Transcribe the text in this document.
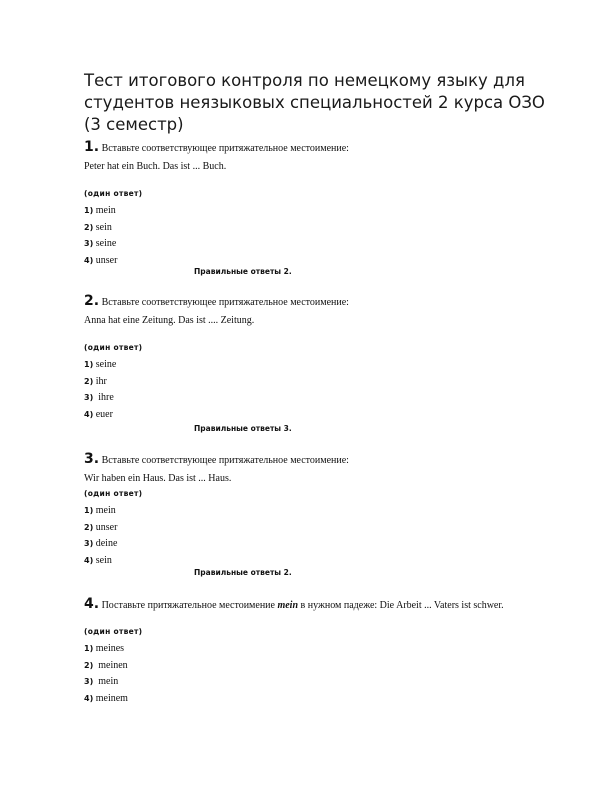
Тест итогового контроля по немецкому языку для студентов неязыковых специальностей 2 курса ОЗО (3 семестр)

1. Вставьте соответствующее притяжательное местоимение:

Peter hat ein Buch. Das ist ... Buch.

(один ответ)

1) mein
2) sein
3) seine
4) unser
Правильные ответы 2.

2. Вставьте соответствующее притяжательное местоимение:

Anna hat eine Zeitung. Das ist .... Zeitung.

(один ответ)

1) seine
2) ihr
3)  ihre
4) euer
Правильные ответы 3.

3. Вставьте соответствующее притяжательное местоимение:

Wir haben ein Haus. Das ist ... Haus.

(один ответ)

1) mein
2) unser
3) deine
4) sein
Правильные ответы 2.

4. Поставьте притяжательное местоимение mein в нужном падеже: Die Arbeit ... Vaters ist schwer.

(один ответ)

1) meines
2)  meinen
3)  mein
4) meinem
